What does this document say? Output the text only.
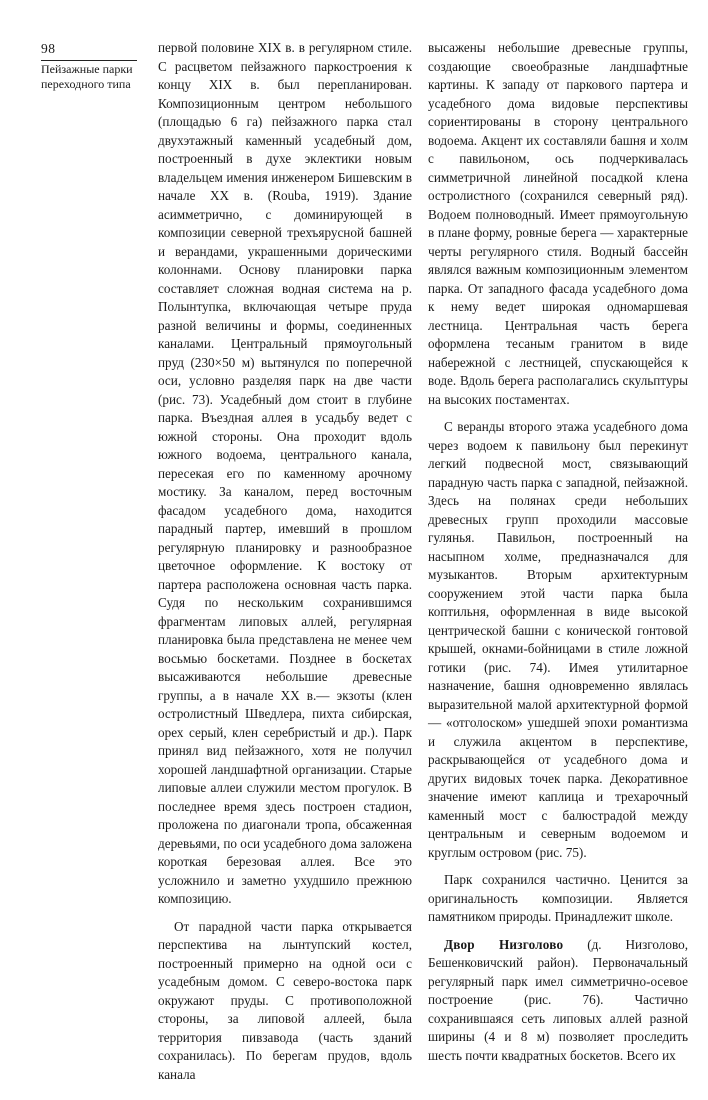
98
Пейзажные парки переходного типа

первой половине XIX в. в регулярном стиле. С расцветом пейзажного паркостроения к концу XIX в. был перепланирован. Композиционным центром небольшого (площадью 6 га) пейзажного парка стал двухэтажный каменный усадебный дом, построенный в духе эклектики новым владельцем имения инженером Бишевским в начале XX в. (Rouba, 1919). Здание асимметрично, с доминирующей в композиции северной трехъярусной башней и верандами, украшенными дорическими колоннами. Основу планировки парка составляет сложная водная система на р. Полынтупка, включающая четыре пруда разной величины и формы, соединенных каналами. Центральный прямоугольный пруд (230×50 м) вытянулся по поперечной оси, условно разделяя парк на две части (рис. 73). Усадебный дом стоит в глубине парка. Въездная аллея в усадьбу ведет с южной стороны. Она проходит вдоль южного водоема, центрального канала, пересекая его по каменному арочному мостику. За каналом, перед восточным фасадом усадебного дома, находится парадный партер, имевший в прошлом регулярную планировку и разнообразное цветочное оформление. К востоку от партера расположена основная часть парка. Судя по нескольким сохранившимся фрагментам липовых аллей, регулярная планировка была представлена не менее чем восьмью боскетами. Позднее в боскетах высаживаются небольшие древесные группы, а в начале XX в.— экзоты (клен остролистный Шведлера, пихта сибирская, орех серый, клен серебристый и др.). Парк принял вид пейзажного, хотя не получил хорошей ландшафтной организации. Старые липовые аллеи служили местом прогулок. В последнее время здесь построен стадион, проложена по диагонали тропа, обсаженная деревьями, по оси усадебного дома заложена короткая березовая аллея. Все это усложнило и заметно ухудшило прежнюю композицию.

От парадной части парка открывается перспектива на лынтупский костел, построенный примерно на одной оси с усадебным домом. С северо-востока парк окружают пруды. С противоположной стороны, за липовой аллеей, была территория пивзавода (часть зданий сохранилась). По берегам прудов, вдоль канала

высажены небольшие древесные группы, создающие своеобразные ландшафтные картины. К западу от паркового партера и усадебного дома видовые перспективы сориентированы в сторону центрального водоема. Акцент их составляли башня и холм с павильоном, ось подчеркивалась симметричной линейной посадкой клена остролистного (сохранился северный ряд). Водоем полноводный. Имеет прямоугольную в плане форму, ровные берега — характерные черты регулярного стиля. Водный бассейн являлся важным композиционным элементом парка. От западного фасада усадебного дома к нему ведет широкая одномаршевая лестница. Центральная часть берега оформлена тесаным гранитом в виде набережной с лестницей, спускающейся к воде. Вдоль берега располагались скульптуры на высоких постаментах.

С веранды второго этажа усадебного дома через водоем к павильону был перекинут легкий подвесной мост, связывающий парадную часть парка с западной, пейзажной. Здесь на полянах среди небольших древесных групп проходили массовые гулянья. Павильон, построенный на насыпном холме, предназначался для музыкантов. Вторым архитектурным сооружением этой части парка была коптильня, оформленная в виде высокой центрической башни с конической гонтовой крышей, окнами-бойницами в стиле ложной готики (рис. 74). Имея утилитарное назначение, башня одновременно являлась выразительной малой архитектурной формой — «отголоском» ушедшей эпохи романтизма и служила акцентом в перспективе, раскрывающейся от усадебного дома и других видовых точек парка. Декоративное значение имеют каплица и трехарочный каменный мост с балюстрадой между центральным и северным водоемом и круглым островом (рис. 75).

Парк сохранился частично. Ценится за оригинальность композиции. Является памятником природы. Принадлежит школе.

Двор Низголово (д. Низголово, Бешенковичский район). Первоначальный регулярный парк имел симметрично-осевое построение (рис. 76). Частично сохранившаяся сеть липовых аллей разной ширины (4 и 8 м) позволяет проследить шесть почти квадратных боскетов. Всего их
